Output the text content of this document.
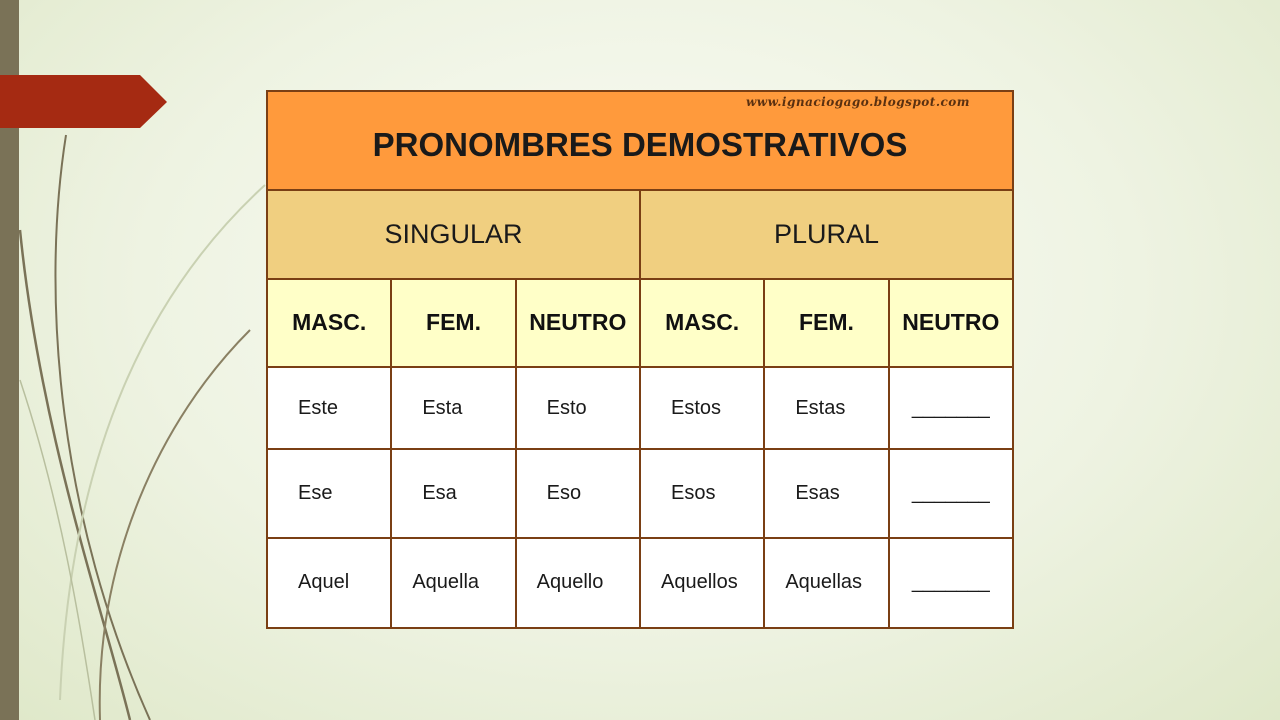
www.ignaciogago.blogspot.com
PRONOMBRES DEMOSTRATIVOS					
SINGULAR			PLURAL		
MASC.	FEM.	NEUTRO	MASC.	FEM.	NEUTRO
Este	Esta	Esto	Estos	Estas	_______
Ese	Esa	Eso	Esos	Esas	_______
Aquel	Aquella	Aquello	Aquellos	Aquellas	_______
